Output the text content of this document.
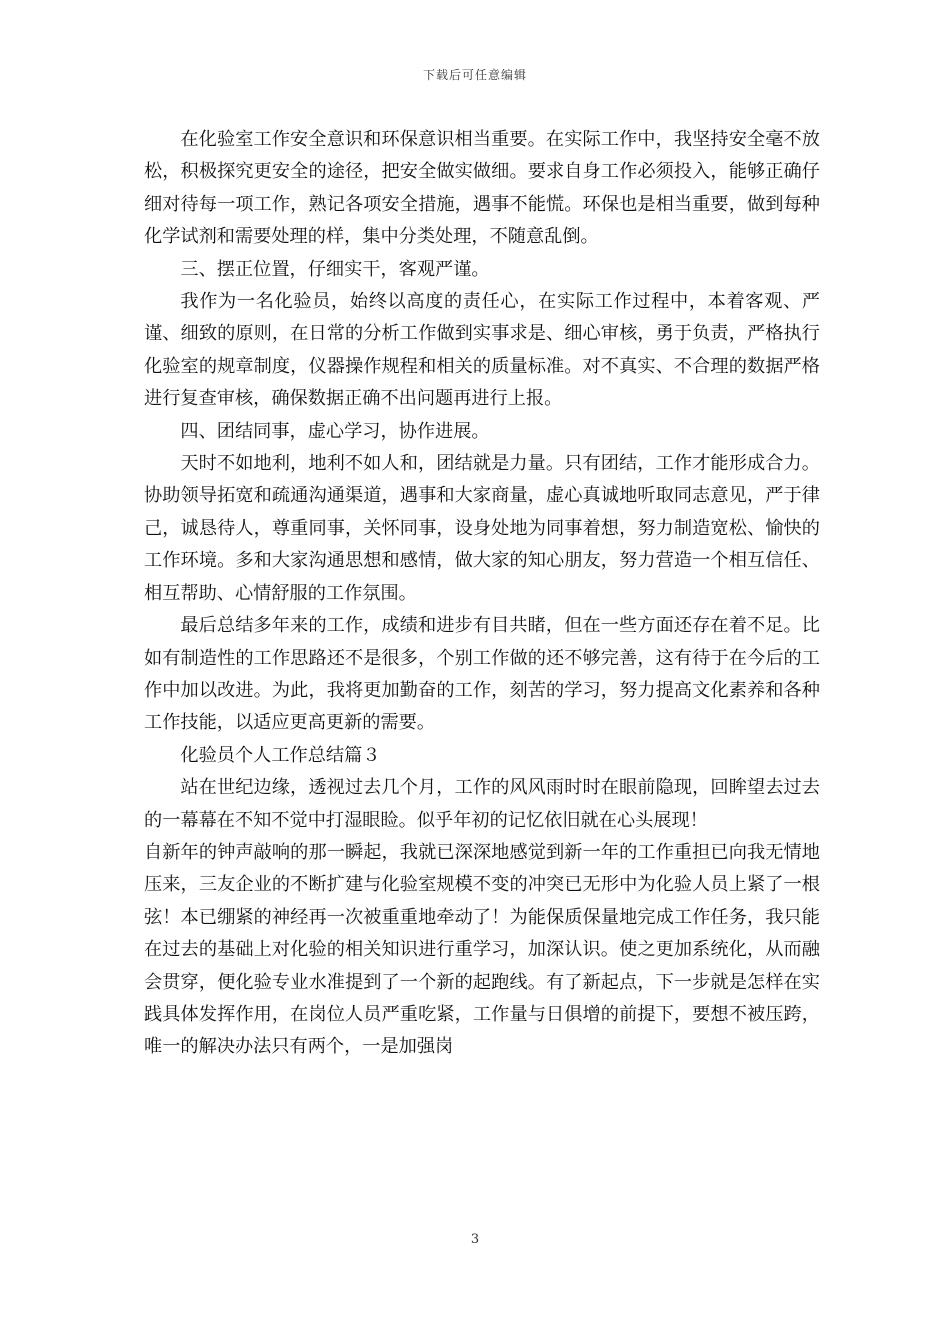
下载后可任意编辑

在化验室工作安全意识和环保意识相当重要。在实际工作中，我坚持安全毫不放松，积极探究更安全的途径，把安全做实做细。要求自身工作必须投入，能够正确仔细对待每一项工作，熟记各项安全措施，遇事不能慌。环保也是相当重要，做到每种化学试剂和需要处理的样，集中分类处理，不随意乱倒。

三、摆正位置，仔细实干，客观严谨。

我作为一名化验员，始终以高度的责任心，在实际工作过程中，本着客观、严谨、细致的原则，在日常的分析工作做到实事求是、细心审核，勇于负责，严格执行化验室的规章制度，仪器操作规程和相关的质量标准。对不真实、不合理的数据严格进行复查审核，确保数据正确不出问题再进行上报。

四、团结同事，虚心学习，协作进展。

天时不如地利，地利不如人和，团结就是力量。只有团结，工作才能形成合力。协助领导拓宽和疏通沟通渠道，遇事和大家商量，虚心真诚地听取同志意见，严于律己，诚恳待人，尊重同事，关怀同事，设身处地为同事着想，努力制造宽松、愉快的工作环境。多和大家沟通思想和感情，做大家的知心朋友，努力营造一个相互信任、相互帮助、心情舒服的工作氛围。

最后总结多年来的工作，成绩和进步有目共睹，但在一些方面还存在着不足。比如有制造性的工作思路还不是很多，个别工作做的还不够完善，这有待于在今后的工作中加以改进。为此，我将更加勤奋的工作，刻苦的学习，努力提高文化素养和各种工作技能，以适应更高更新的需要。

化验员个人工作总结篇３

站在世纪边缘，透视过去几个月，工作的风风雨时时在眼前隐现，回眸望去过去的一幕幕在不知不觉中打湿眼睑。似乎年初的记忆依旧就在心头展现！

自新年的钟声敲响的那一瞬起，我就已深深地感觉到新一年的工作重担已向我无情地压来，三友企业的不断扩建与化验室规模不变的冲突已无形中为化验人员上紧了一根弦！本已绷紧的神经再一次被重重地牵动了！为能保质保量地完成工作任务，我只能在过去的基础上对化验的相关知识进行重学习，加深认识。使之更加系统化，从而融会贯穿，便化验专业水准提到了一个新的起跑线。有了新起点，下一步就是怎样在实践具体发挥作用，在岗位人员严重吃紧，工作量与日俱增的前提下，要想不被压跨，唯一的解决办法只有两个，一是加强岗

3
